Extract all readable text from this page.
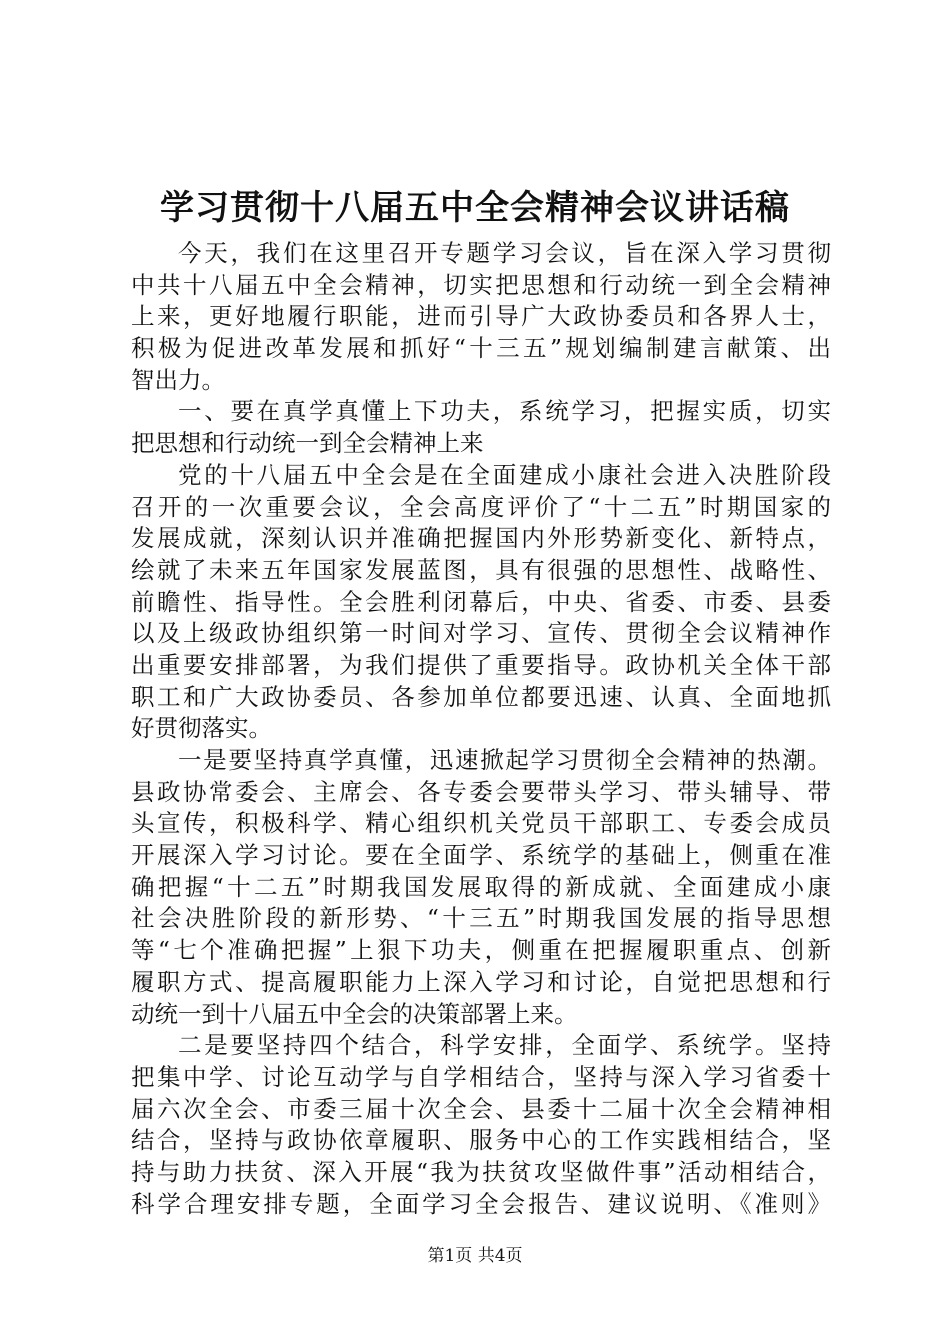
学习贯彻十八届五中全会精神会议讲话稿
今天，我们在这里召开专题学习会议，旨在深入学习贯彻
中共十八届五中全会精神，切实把思想和行动统一到全会精神
上来，更好地履行职能，进而引导广大政协委员和各界人士，
积极为促进改革发展和抓好“十三五”规划编制建言献策、出
智出力。
一、要在真学真懂上下功夫，系统学习，把握实质，切实
把思想和行动统一到全会精神上来
党的十八届五中全会是在全面建成小康社会进入决胜阶段
召开的一次重要会议，全会高度评价了“十二五”时期国家的
发展成就，深刻认识并准确把握国内外形势新变化、新特点，
绘就了未来五年国家发展蓝图，具有很强的思想性、战略性、
前瞻性、指导性。全会胜利闭幕后，中央、省委、市委、县委
以及上级政协组织第一时间对学习、宣传、贯彻全会议精神作
出重要安排部署，为我们提供了重要指导。政协机关全体干部
职工和广大政协委员、各参加单位都要迅速、认真、全面地抓
好贯彻落实。
一是要坚持真学真懂，迅速掀起学习贯彻全会精神的热潮。
县政协常委会、主席会、各专委会要带头学习、带头辅导、带
头宣传，积极科学、精心组织机关党员干部职工、专委会成员
开展深入学习讨论。要在全面学、系统学的基础上，侧重在准
确把握“十二五”时期我国发展取得的新成就、全面建成小康
社会决胜阶段的新形势、“十三五”时期我国发展的指导思想
等“七个准确把握”上狠下功夫，侧重在把握履职重点、创新
履职方式、提高履职能力上深入学习和讨论，自觉把思想和行
动统一到十八届五中全会的决策部署上来。
二是要坚持四个结合，科学安排，全面学、系统学。坚持
把集中学、讨论互动学与自学相结合，坚持与深入学习省委十
届六次全会、市委三届十次全会、县委十二届十次全会精神相
结合，坚持与政协依章履职、服务中心的工作实践相结合，坚
持与助力扶贫、深入开展“我为扶贫攻坚做件事”活动相结合，
科学合理安排专题，全面学习全会报告、建议说明、《准则》
第1页 共4页
